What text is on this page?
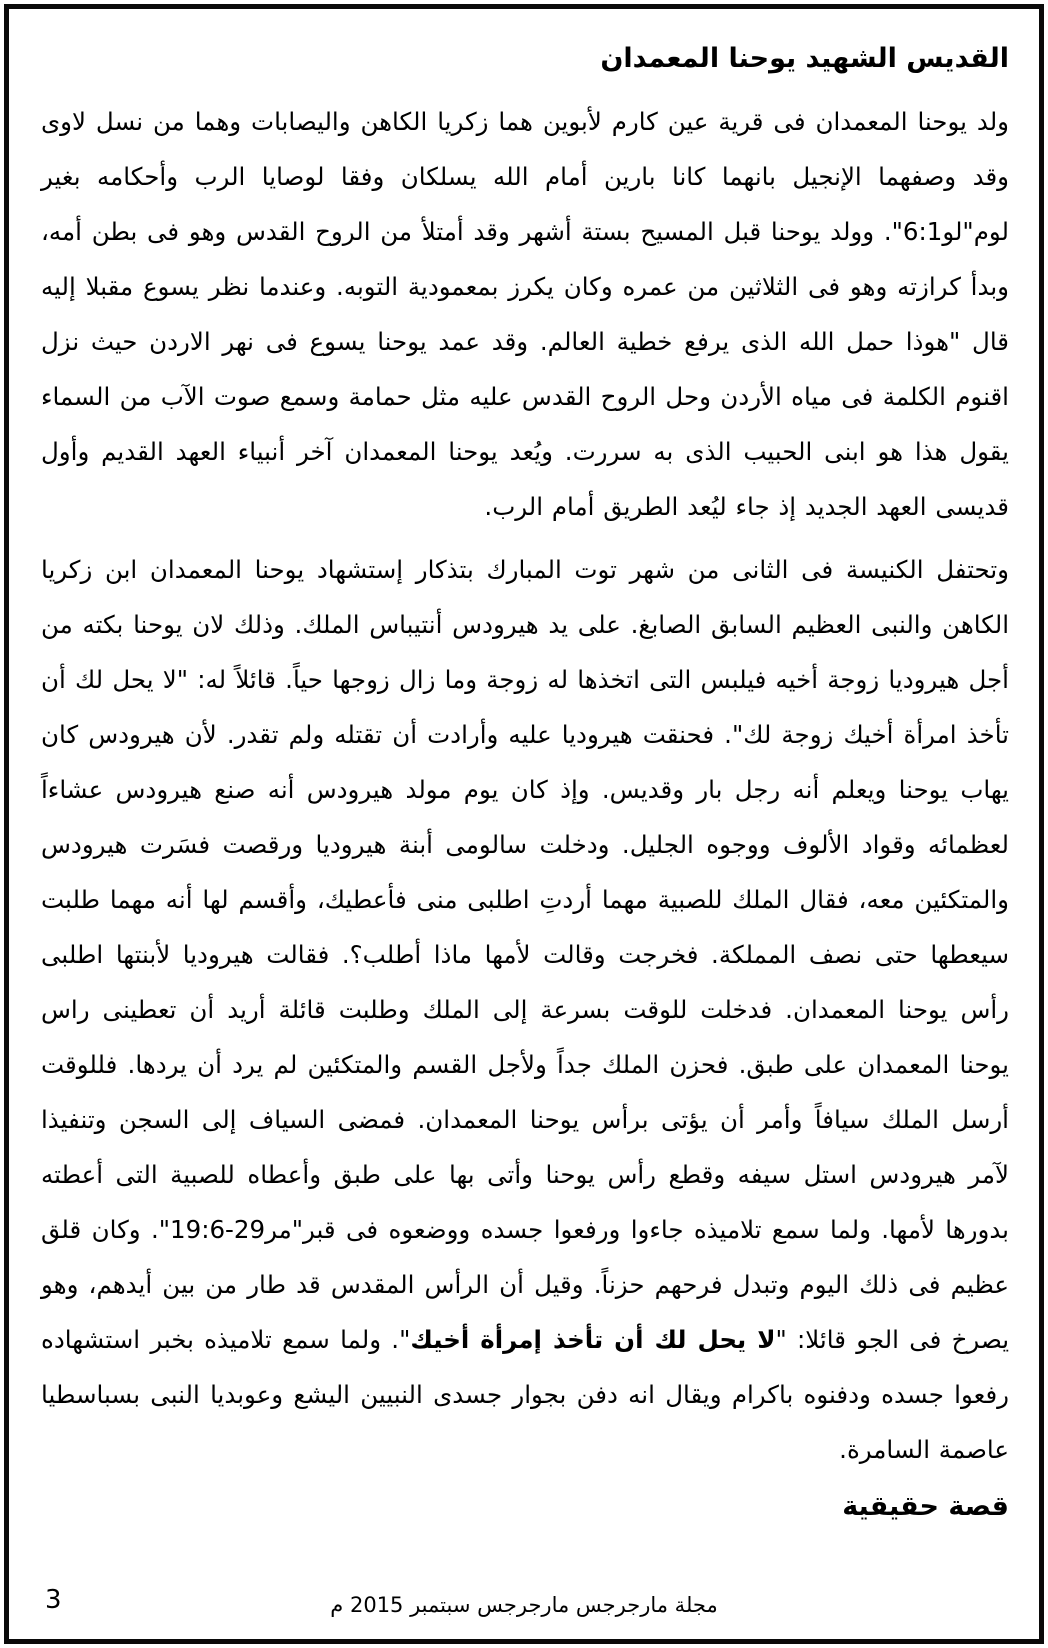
القديس الشهيد يوحنا المعمدان

ولد يوحنا المعمدان فى قرية عين كارم لأبوين هما زكريا الكاهن واليصابات وهما من نسل لاوى وقد وصفهما الإنجيل بانهما كانا بارين أمام الله يسلكان وفقا لوصايا الرب وأحكامه بغير لوم"لو6:1". وولد يوحنا قبل المسيح بستة أشهر وقد أمتلأ من الروح القدس وهو فى بطن أمه، وبدأ كرازته وهو فى الثلاثين من عمره وكان يكرز بمعمودية التوبه. وعندما نظر يسوع مقبلا إليه قال "هوذا حمل الله الذى يرفع خطية العالم. وقد عمد يوحنا يسوع فى نهر الاردن حيث نزل اقنوم الكلمة فى مياه الأردن وحل الروح القدس عليه مثل حمامة وسمع صوت الآب من السماء يقول هذا هو ابنى الحبيب الذى به سررت. ويُعد يوحنا المعمدان آخر أنبياء العهد القديم وأول قديسى العهد الجديد إذ جاء ليُعد الطريق أمام الرب.

وتحتفل الكنيسة فى الثانى من شهر توت المبارك بتذكار إستشهاد يوحنا المعمدان ابن زكريا الكاهن والنبى العظيم السابق الصابغ. على يد هيرودس أنتيباس الملك. وذلك لان يوحنا بكته من أجل هيروديا زوجة أخيه فيلبس التى اتخذها له زوجة وما زال زوجها حياً. قائلاً له: "لا يحل لك أن تأخذ امرأة أخيك زوجة لك". فحنقت هيروديا عليه وأرادت أن تقتله ولم تقدر. لأن هيرودس كان يهاب يوحنا ويعلم أنه رجل بار وقديس. وإذ كان يوم مولد هيرودس أنه صنع هيرودس عشاءاً لعظمائه وقواد الألوف ووجوه الجليل. ودخلت سالومى أبنة هيروديا ورقصت فسَرت هيرودس والمتكئين معه، فقال الملك للصبية مهما أردتِ اطلبى منى فأعطيك، وأقسم لها أنه مهما طلبت سيعطها حتى نصف المملكة. فخرجت وقالت لأمها ماذا أطلب؟. فقالت هيروديا لأبنتها اطلبى رأس يوحنا المعمدان. فدخلت للوقت بسرعة إلى الملك وطلبت قائلة أريد أن تعطينى راس يوحنا المعمدان على طبق. فحزن الملك جداً ولأجل القسم والمتكئين لم يرد أن يردها. فللوقت أرسل الملك سيافاً وأمر أن يؤتى برأس يوحنا المعمدان. فمضى السياف إلى السجن وتنفيذا لآمر هيرودس استل سيفه وقطع رأس يوحنا وأتى بها على طبق وأعطاه للصبية التى أعطته بدورها لأمها. ولما سمع تلاميذه جاءوا ورفعوا جسده ووضعوه فى قبر"مر29-19:6". وكان قلق عظيم فى ذلك اليوم وتبدل فرحهم حزناً. وقيل أن الرأس المقدس قد طار من بين أيدهم، وهو يصرخ فى الجو قائلا: "لا يحل لك أن تأخذ إمرأة أخيك". ولما سمع تلاميذه بخبر استشهاده رفعوا جسده ودفنوه باكرام ويقال انه دفن بجوار جسدى النبيين اليشع وعوبديا النبى بسباسطيا عاصمة السامرة.

قصة حقيقية
مجلة مارجرجس مارجرجس سبتمبر 2015 م
3
